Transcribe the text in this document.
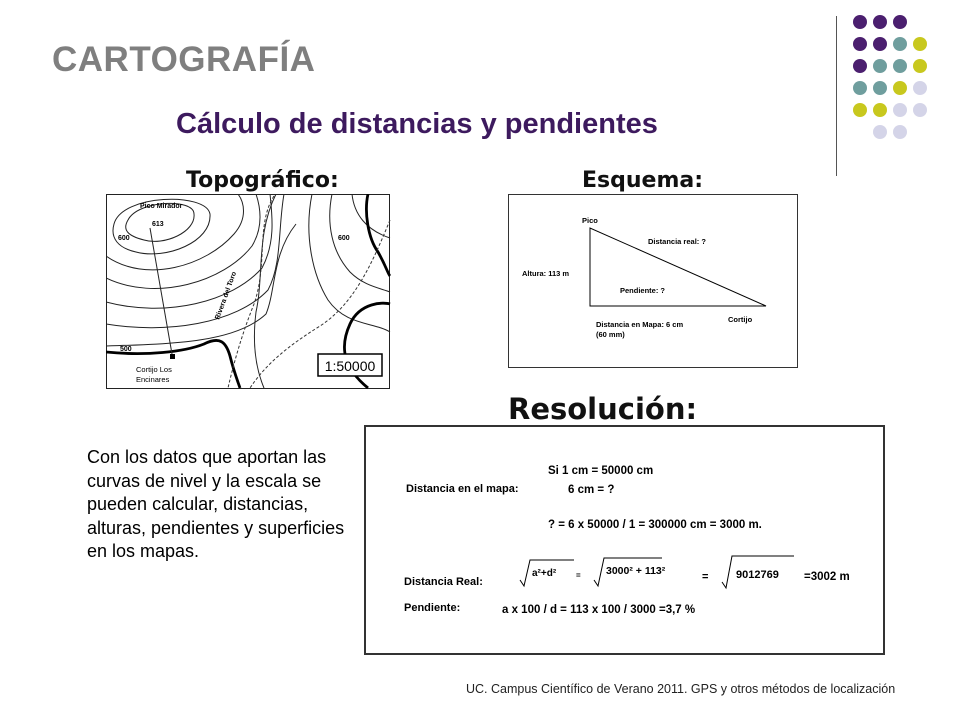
CARTOGRAFÍA
Cálculo de distancias y pendientes
Topográfico:	Esquema:
Resolución:
Pico Mirador
613
600	600
500
Rivera del Toro
Cortijo Los
Encinares
1:50000
Pico
Distancia real: ?
Altura: 113 m
Pendiente: ?
Cortijo
Distancia en Mapa: 6 cm
(60 mm)
Con los datos que aportan las curvas de nivel y la escala se pueden calcular, distancias, alturas, pendientes y superficies en los mapas.
Distancia en el mapa:
Si 1 cm = 50000 cm
6 cm = ?
? = 6 x 50000 / 1 = 300000 cm = 3000 m.
Distancia Real:
a²+d² = 3000² + 113²	=	9012769 =3002 m
Pendiente:	a x 100 / d = 113 x 100 / 3000 =3,7 %
UC. Campus Científico de Verano 2011. GPS y otros métodos de localización
